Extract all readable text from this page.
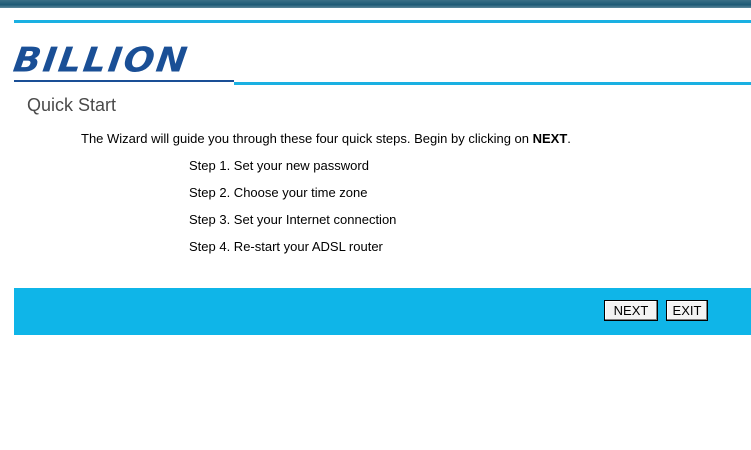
BILLION
Quick Start
The Wizard will guide you through these four quick steps. Begin by clicking on NEXT.
Step 1. Set your new password
Step 2. Choose your time zone
Step 3. Set your Internet connection
Step 4. Re-start your ADSL router
NEXT	EXIT
